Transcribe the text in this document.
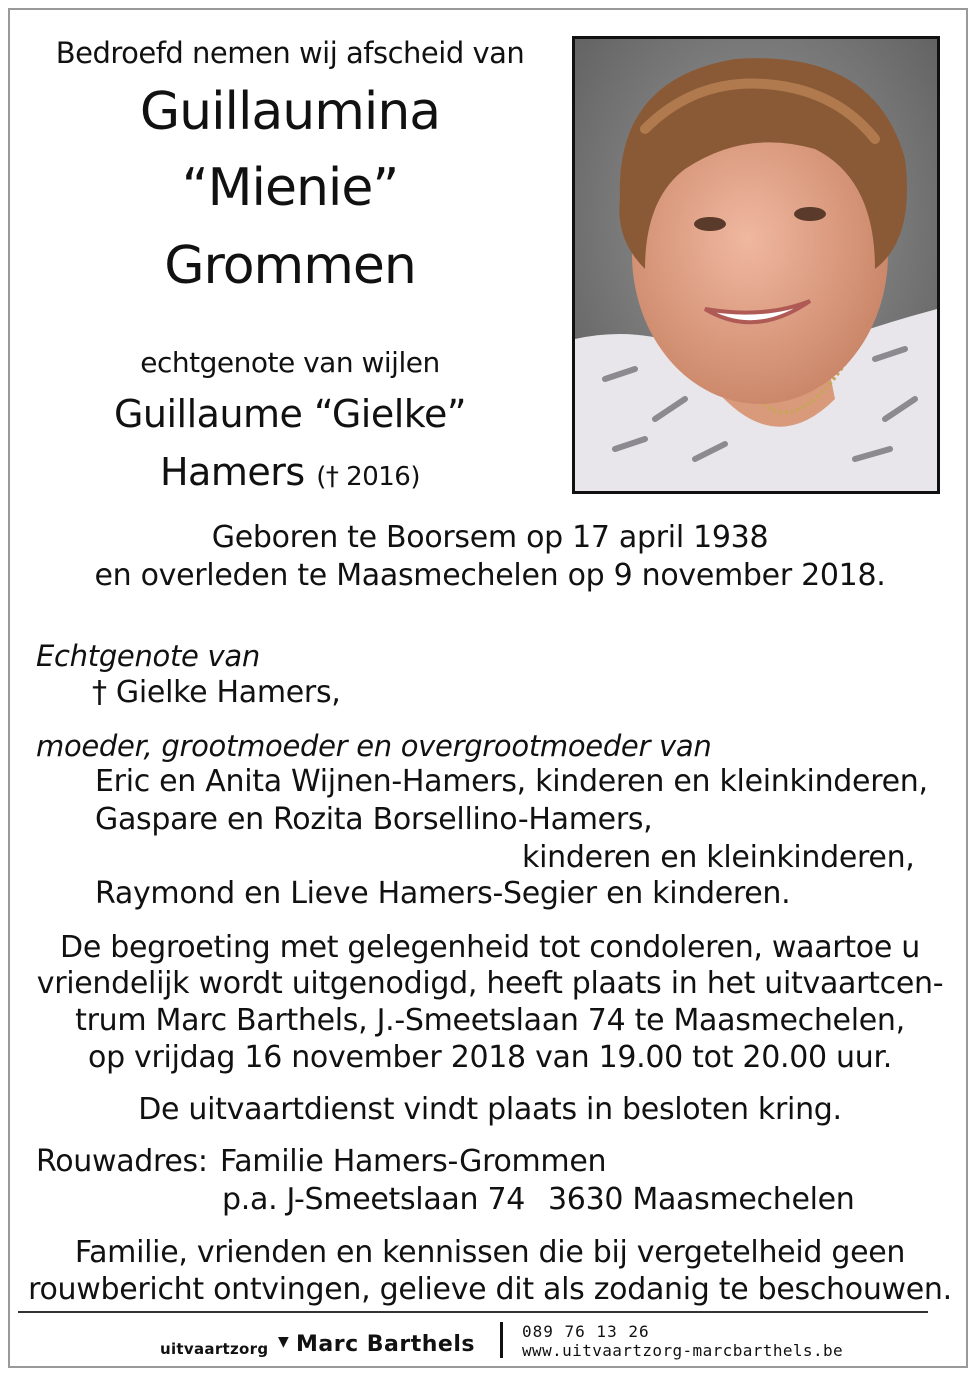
Bedroefd nemen wij afscheid van
Guillaumina
“Mienie”
Grommen
echtgenote van wijlen
Guillaume “Gielke”
Hamers († 2016)
Geboren te Boorsem op 17 april 1938
en overleden te Maasmechelen op 9 november 2018.
Echtgenote van
† Gielke Hamers,
moeder, grootmoeder en overgrootmoeder van
Eric en Anita Wijnen-Hamers, kinderen en kleinkinderen,
Gaspare en Rozita Borsellino-Hamers,
kinderen en kleinkinderen,
Raymond en Lieve Hamers-Segier en kinderen.
De begroeting met gelegenheid tot condoleren, waartoe u
vriendelijk wordt uitgenodigd, heeft plaats in het uitvaartcen-
trum Marc Barthels, J.-Smeetslaan 74 te Maasmechelen,
op vrijdag 16 november 2018 van 19.00 tot 20.00 uur.
De uitvaartdienst vindt plaats in besloten kring.
Rouwadres: Familie Hamers-Grommen
p.a. J-Smeetslaan 74 3630 Maasmechelen
Familie, vrienden en kennissen die bij vergetelheid geen
rouwbericht ontvingen, gelieve dit als zodanig te beschouwen.
uitvaartzorg ▼ Marc Barthels
089 76 13 26
www.uitvaartzorg-marcbarthels.be
